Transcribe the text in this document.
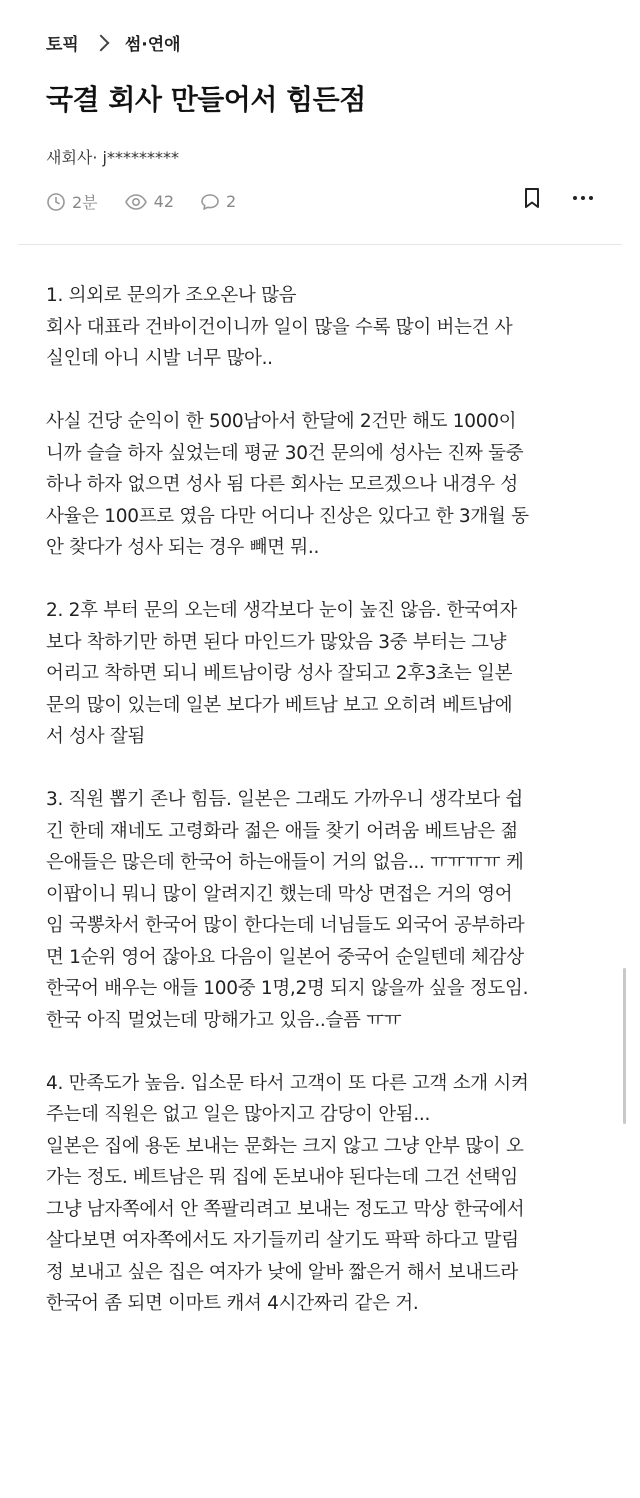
토픽	썸·연애
국결 회사 만들어서 힘든점
새회사· j*********
2분	42	2
1. 의외로 문의가 조오온나 많음
회사 대표라 건바이건이니까 일이 많을 수록 많이 버는건 사
실인데 아니 시발 너무 많아..
사실 건당 순익이 한 500남아서 한달에 2건만 해도 1000이
니까 슬슬 하자 싶었는데 평균 30건 문의에 성사는 진짜 둘중
하나 하자 없으면 성사 됨 다른 회사는 모르겠으나 내경우 성
사율은 100프로 였음 다만 어디나 진상은 있다고 한 3개월 동
안 찾다가 성사 되는 경우 빼면 뭐..
2. 2후 부터 문의 오는데 생각보다 눈이 높진 않음. 한국여자
보다 착하기만 하면 된다 마인드가 많았음 3중 부터는 그냥
어리고 착하면 되니 베트남이랑 성사 잘되고 2후3초는 일본
문의 많이 있는데 일본 보다가 베트남 보고 오히려 베트남에
서 성사 잘됨
3. 직원 뽑기 존나 힘듬. 일본은 그래도 가까우니 생각보다 쉽
긴 한데 쟤네도 고령화라 젊은 애들 찾기 어려움 베트남은 젊
은애들은 많은데 한국어 하는애들이 거의 없음... ㅠㅠㅠㅠ 케
이팝이니 뭐니 많이 알려지긴 했는데 막상 면접은 거의 영어
임 국뽕차서 한국어 많이 한다는데 너님들도 외국어 공부하라
면 1순위 영어 잖아요 다음이 일본어 중국어 순일텐데 체감상
한국어 배우는 애들 100중 1명,2명 되지 않을까 싶을 정도임.
한국 아직 멀었는데 망해가고 있음..슬픔 ㅠㅠ
4. 만족도가 높음. 입소문 타서 고객이 또 다른 고객 소개 시켜
주는데 직원은 없고 일은 많아지고 감당이 안됨...
일본은 집에 용돈 보내는 문화는 크지 않고 그냥 안부 많이 오
가는 정도. 베트남은 뭐 집에 돈보내야 된다는데 그건 선택임
그냥 남자쪽에서 안 쪽팔리려고 보내는 정도고 막상 한국에서
살다보면 여자쪽에서도 자기들끼리 살기도 팍팍 하다고 말림
정 보내고 싶은 집은 여자가 낮에 알바 짧은거 해서 보내드라
한국어 좀 되면 이마트 캐셔 4시간짜리 같은 거.
